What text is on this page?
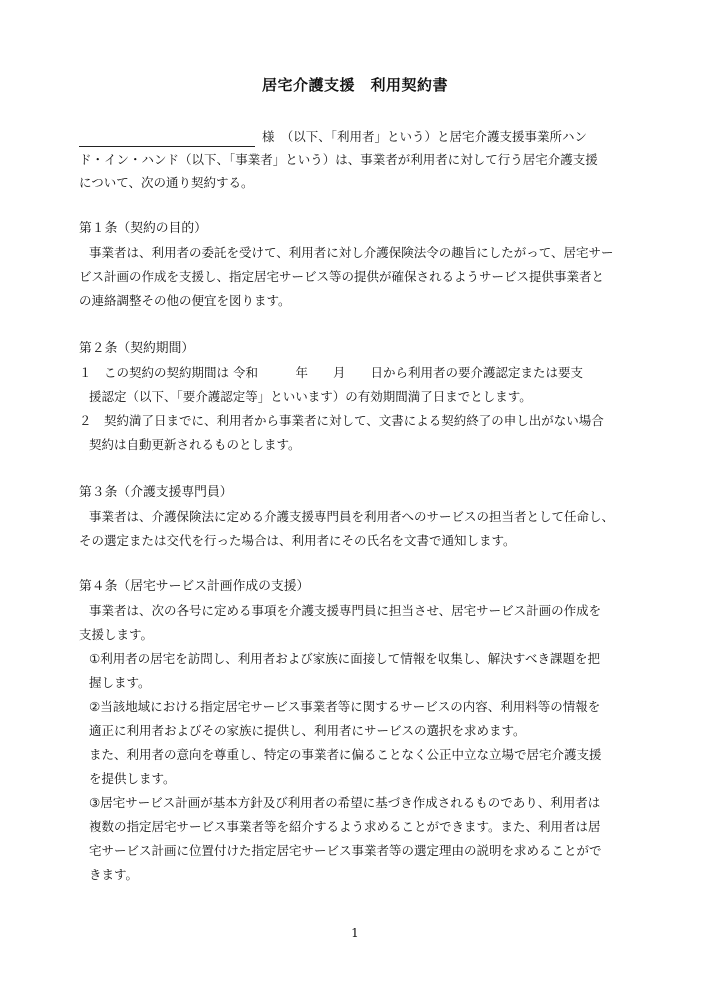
居宅介護支援　利用契約書
様　（以下、「利用者」という）と居宅介護支援事業所ハン
ド・イン・ハンド（以下、「事業者」という）は、事業者が利用者に対して行う居宅介護支援
について、次の通り契約する。
第１条（契約の目的）
事業者は、利用者の委託を受けて、利用者に対し介護保険法令の趣旨にしたがって、居宅サー
ビス計画の作成を支援し、指定居宅サービス等の提供が確保されるようサービス提供事業者と
の連絡調整その他の便宜を図ります。
第２条（契約期間）
１　この契約の契約期間は 令和　　　年　　月　　日から利用者の要介護認定または要支
援認定（以下、「要介護認定等」といいます）の有効期間満了日までとします。
２　契約満了日までに、利用者から事業者に対して、文書による契約終了の申し出がない場合
契約は自動更新されるものとします。
第３条（介護支援専門員）
事業者は、介護保険法に定める介護支援専門員を利用者へのサービスの担当者として任命し、
その選定または交代を行った場合は、利用者にその氏名を文書で通知します。
第４条（居宅サービス計画作成の支援）
事業者は、次の各号に定める事項を介護支援専門員に担当させ、居宅サービス計画の作成を
支援します。
①利用者の居宅を訪問し、利用者および家族に面接して情報を収集し、解決すべき課題を把
握します。
②当該地域における指定居宅サービス事業者等に関するサービスの内容、利用料等の情報を
適正に利用者およびその家族に提供し、利用者にサービスの選択を求めます。
また、利用者の意向を尊重し、特定の事業者に偏ることなく公正中立な立場で居宅介護支援
を提供します。
③居宅サービス計画が基本方針及び利用者の希望に基づき作成されるものであり、利用者は
複数の指定居宅サービス事業者等を紹介するよう求めることができます。また、利用者は居
宅サービス計画に位置付けた指定居宅サービス事業者等の選定理由の説明を求めることがで
きます。
1
